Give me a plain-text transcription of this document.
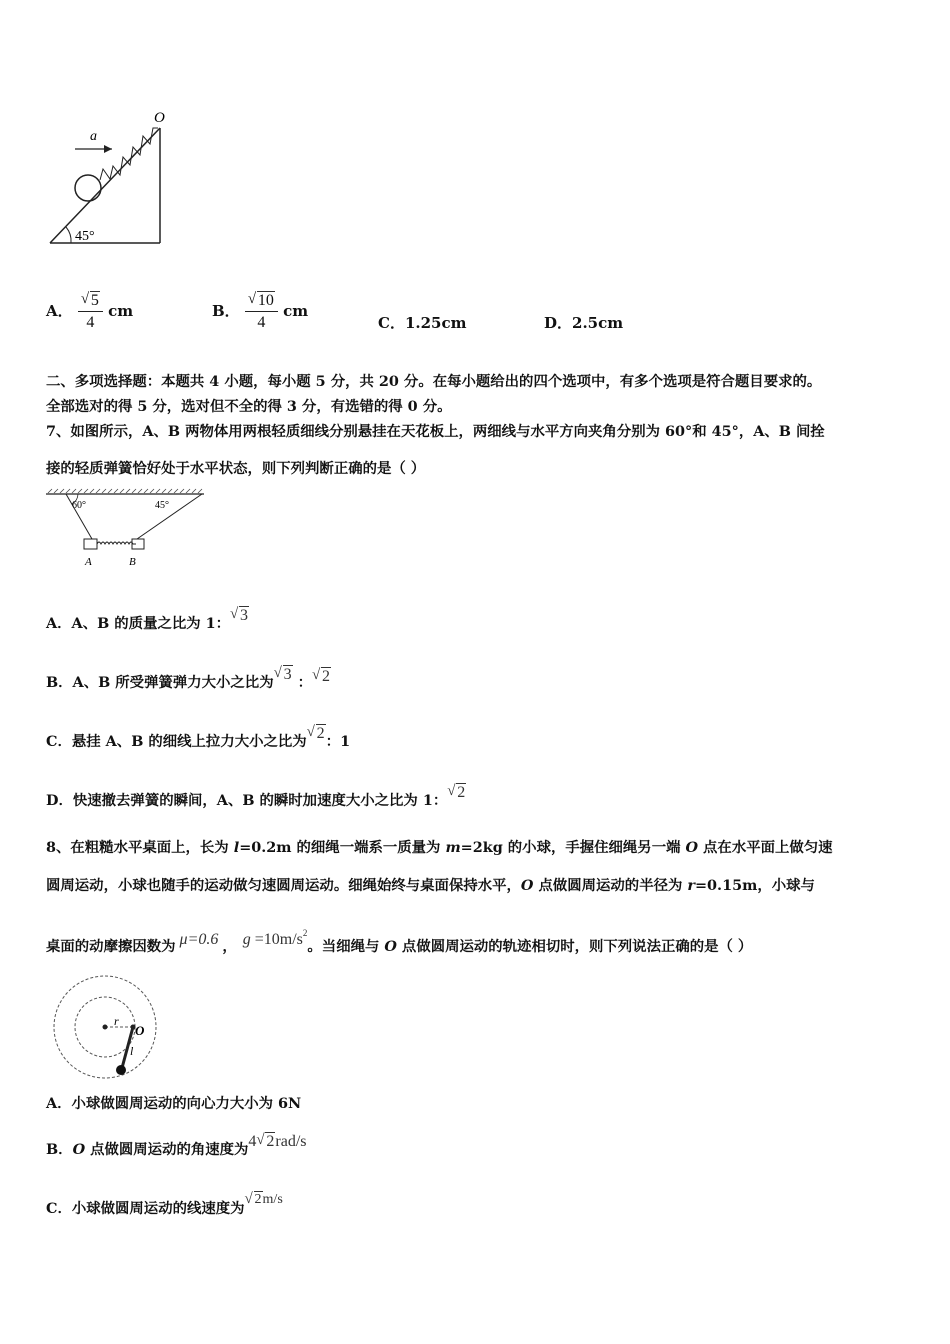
a
O
45°
A． $\frac{√ 5}{4}$ cm	B． $\frac{√ 10}{4}$ cm
C．1.25cm	D．2.5cm
二、多项选择题：本题共 4 小题，每小题 5 分，共 20 分。在每小题给出的四个选项中，有多个选项是符合题目要求的。
全部选对的得 5 分，选对但不全的得 3 分，有选错的得 0 分。
7、如图所示，A、B 两物体用两根轻质细线分别悬挂在天花板上，两细线与水平方向夹角分别为 60°和 45°，A、B 间拴
接的轻质弹簧恰好处于水平状态，则下列判断正确的是（ ）
60°	45°
A	B
A．A、B 的质量之比为 1：
√ 3
B．A、B 所受弹簧弹力大小之比为
√ 3 ： √ 2
C．悬挂 A、B 的细线上拉力大小之比为
√ 2：1
D．快速撤去弹簧的瞬间，A、B 的瞬时加速度大小之比为 1：
√ 2
8、在粗糙水平桌面上，长为 l=0.2m 的细绳一端系一质量为 m=2kg 的小球，手握住细绳另一端 O 点在水平面上做匀速
圆周运动，小球也随手的运动做匀速圆周运动。细绳始终与桌面保持水平，O 点做圆周运动的半径为 r=0.15m，小球与
桌面的动摩擦因数为 μ=0.6 ， $g =10m/s^2$。当细绳与 O 点做圆周运动的轨迹相切时，则下列说法正确的是（ ）
r
O
l
A．小球做圆周运动的向心力大小为 6N
B．O 点做圆周运动的角速度为4 √ 2rad/s
C．小球做圆周运动的线速度为
√ 2m/s
